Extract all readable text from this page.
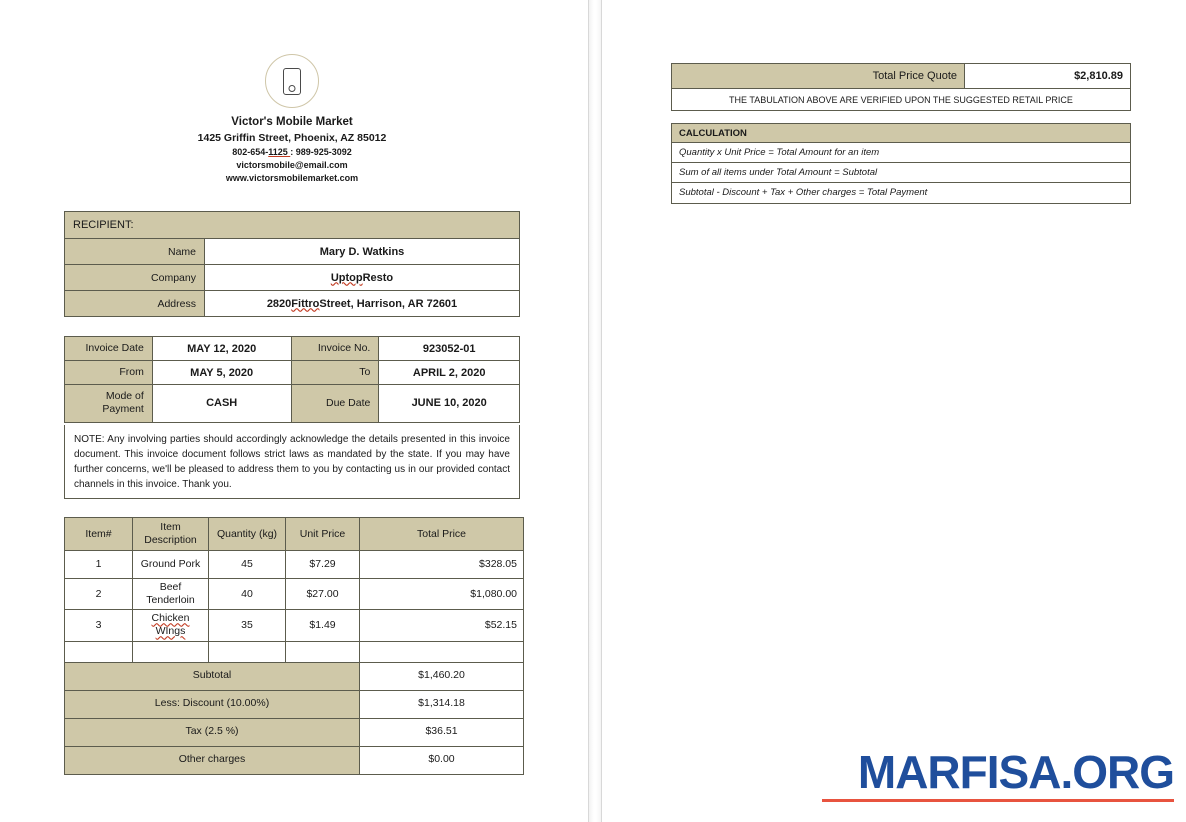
Victor's Mobile Market
1425 Griffin Street, Phoenix, AZ 85012
802-654-1125 : 989-925-3092
victorsmobile@email.com
www.victorsmobilemarket.com
RECIPIENT:
Name	Mary D. Watkins
Company	Uptop Resto
Address	2820 Fittro Street, Harrison, AR 72601
Invoice Date	MAY 12, 2020	Invoice No.	923052-01
From	MAY 5, 2020	To	APRIL 2, 2020
Mode of Payment	CASH	Due Date	JUNE 10, 2020
NOTE: Any involving parties should accordingly acknowledge the details presented in this invoice document. This invoice document follows strict laws as mandated by the state. If you may have further concerns, we'll be pleased to address them to you by contacting us in our provided contact channels in this invoice. Thank you.
Item#	Item Description	Quantity (kg)	Unit Price	Total Price
1	Ground Pork	45	$7.29	$328.05
2	Beef Tenderloin	40	$27.00	$1,080.00
3	Chicken WIngs	35	$1.49	$52.15

Subtotal				$1,460.20
Less: Discount (10.00%)				$1,314.18
Tax (2.5 %)				$36.51
Other charges				$0.00
Total Price Quote	$2,810.89
THE TABULATION ABOVE ARE VERIFIED UPON THE SUGGESTED RETAIL PRICE
CALCULATION
Quantity x Unit Price = Total Amount for an item
Sum of all items under Total Amount = Subtotal
Subtotal - Discount + Tax + Other charges = Total Payment
MARFISA.ORG
